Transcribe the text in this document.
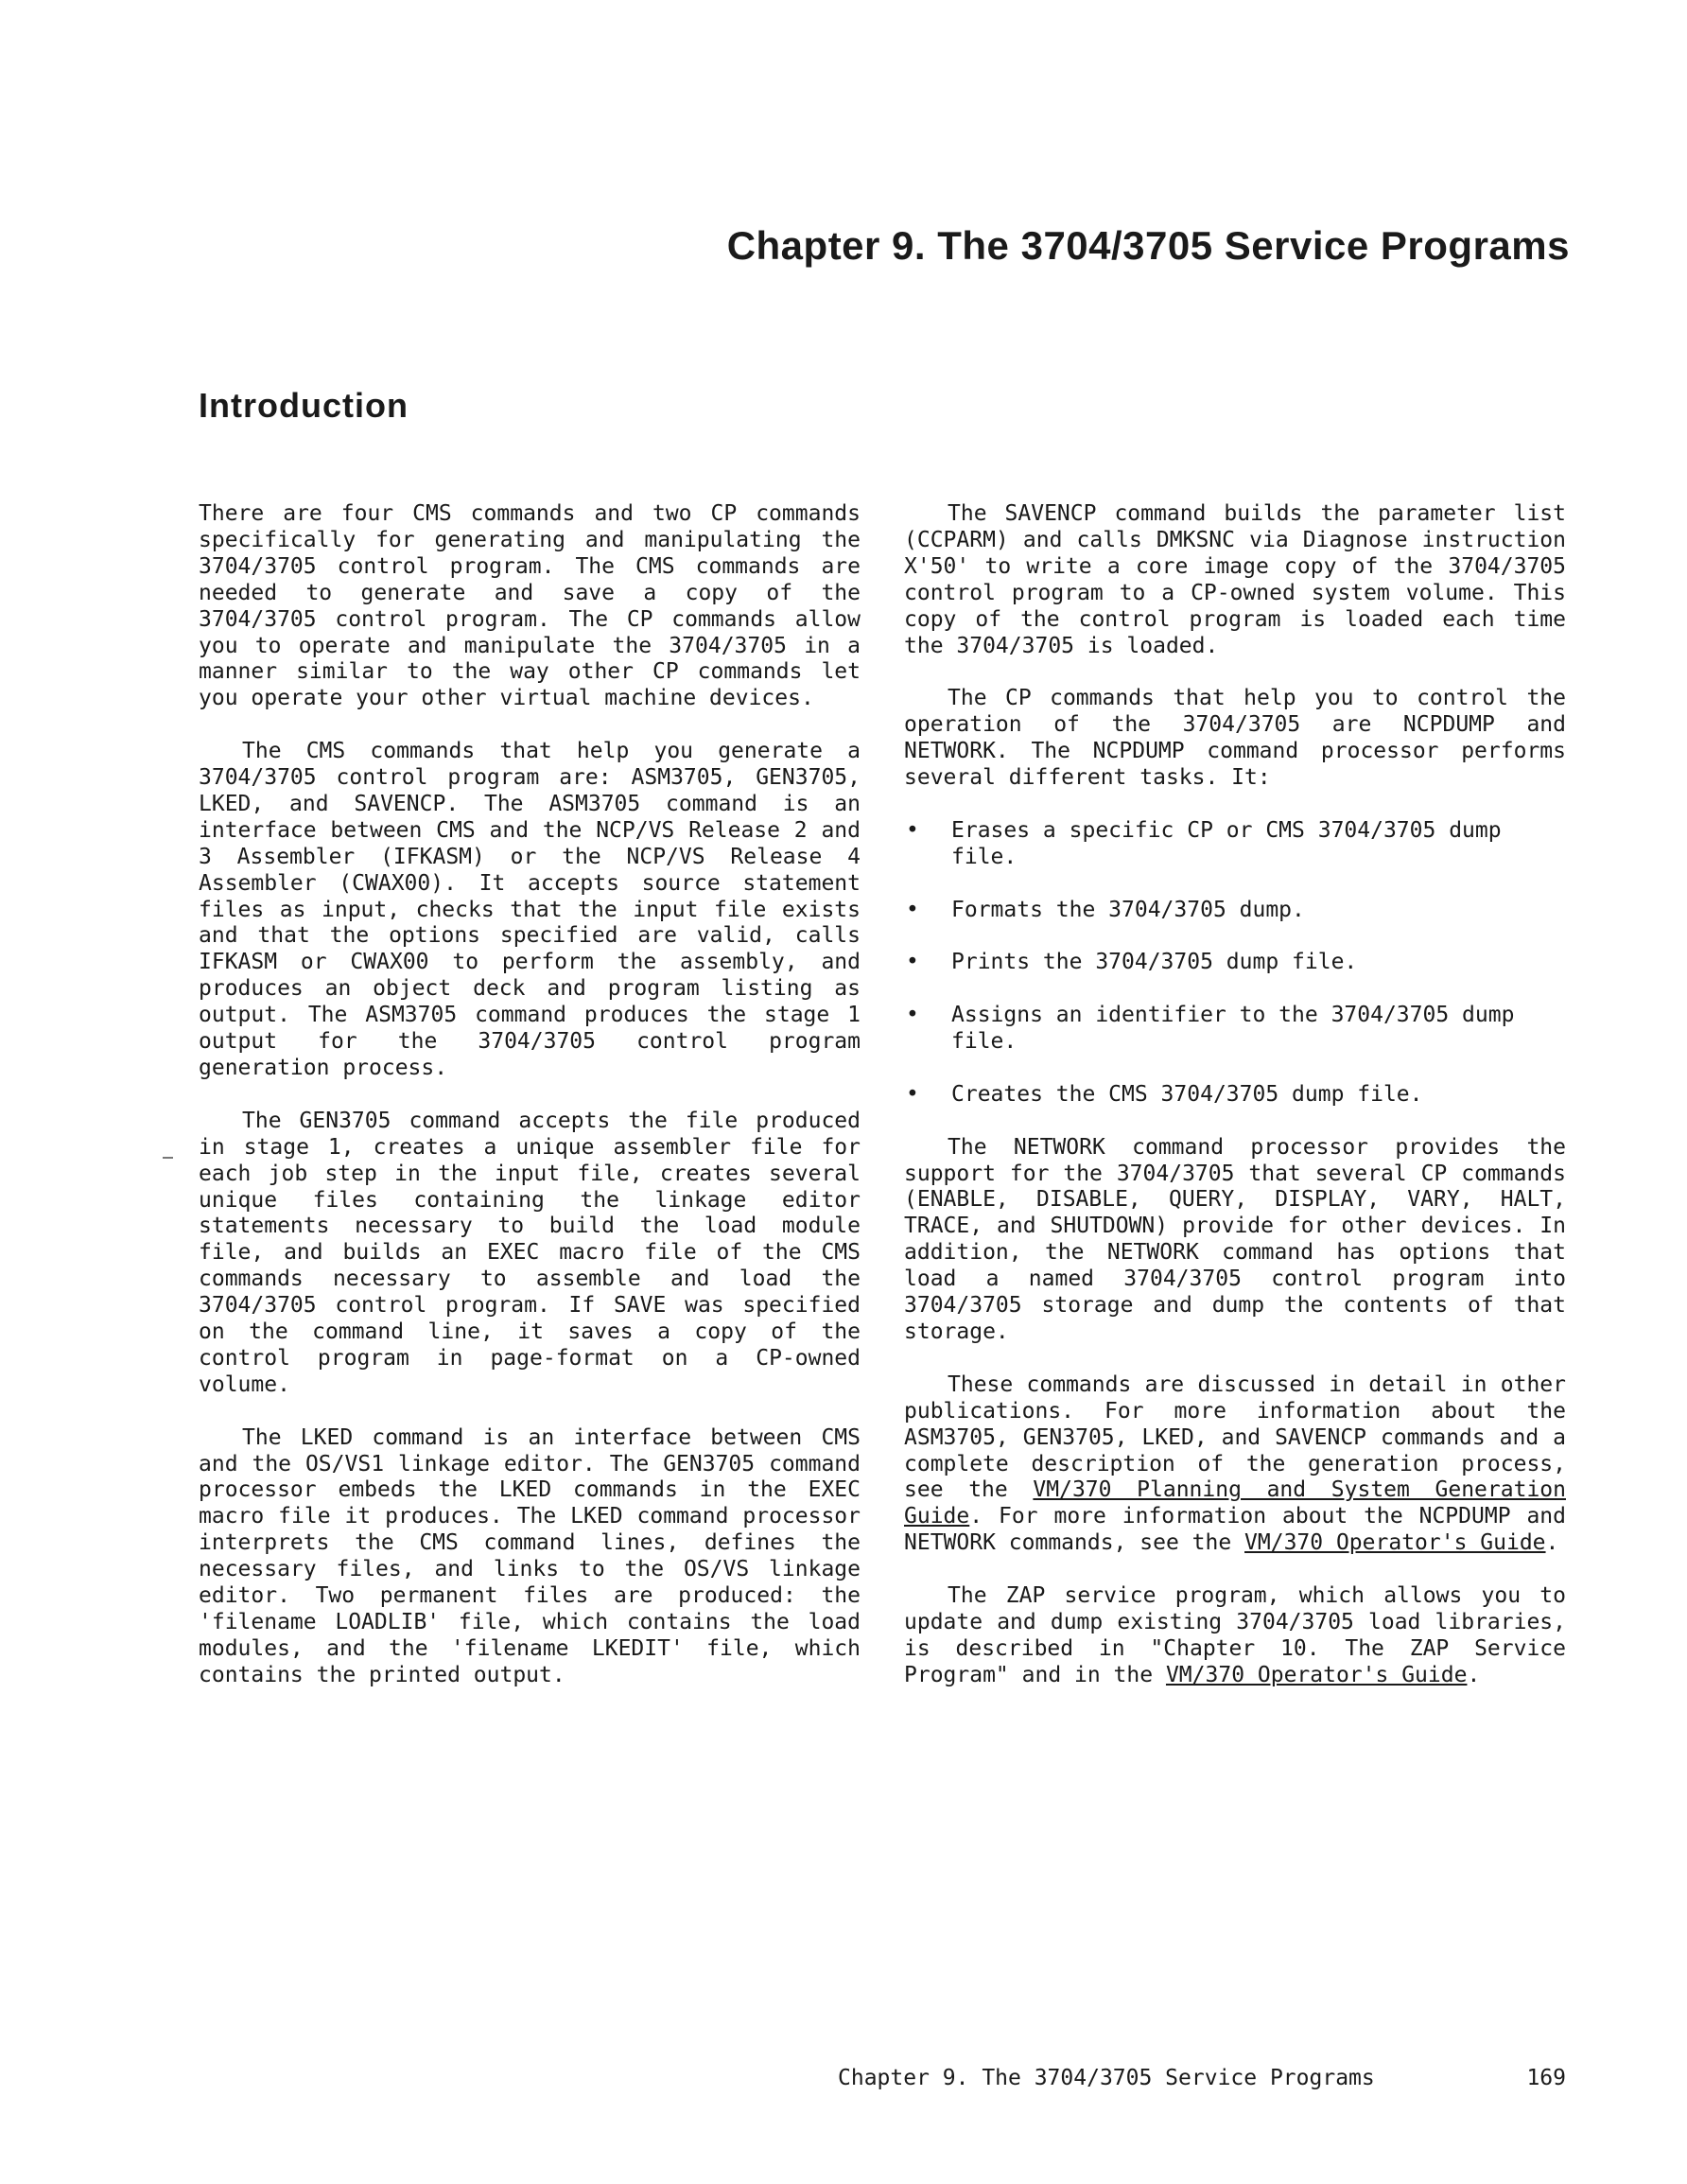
Chapter 9. The 3704/3705 Service Programs
Introduction

There are four CMS commands and two CP commands specifically for generating and manipulating the 3704/3705 control program. The CMS commands are needed to generate and save a copy of the 3704/3705 control program. The CP commands allow you to operate and manipulate the 3704/3705 in a manner similar to the way other CP commands let you operate your other virtual machine devices.

The CMS commands that help you generate a 3704/3705 control program are: ASM3705, GEN3705, LKED, and SAVENCP. The ASM3705 command is an interface between CMS and the NCP/VS Release 2 and 3 Assembler (IFKASM) or the NCP/VS Release 4 Assembler (CWAX00). It accepts source statement files as input, checks that the input file exists and that the options specified are valid, calls IFKASM or CWAX00 to perform the assembly, and produces an object deck and program listing as output. The ASM3705 command produces the stage 1 output for the 3704/3705 control program generation process.

The GEN3705 command accepts the file produced in stage 1, creates a unique assembler file for each job step in the input file, creates several unique files containing the linkage editor statements necessary to build the load module file, and builds an EXEC macro file of the CMS commands necessary to assemble and load the 3704/3705 control program. If SAVE was specified on the command line, it saves a copy of the control program in page-format on a CP-owned volume.

The LKED command is an interface between CMS and the OS/VS1 linkage editor. The GEN3705 command processor embeds the LKED commands in the EXEC macro file it produces. The LKED command processor interprets the CMS command lines, defines the necessary files, and links to the OS/VS linkage editor. Two permanent files are produced: the 'filename LOADLIB' file, which contains the load modules, and the 'filename LKEDIT' file, which contains the printed output.

The SAVENCP command builds the parameter list (CCPARM) and calls DMKSNC via Diagnose instruction X'50' to write a core image copy of the 3704/3705 control program to a CP-owned system volume. This copy of the control program is loaded each time the 3704/3705 is loaded.

The CP commands that help you to control the operation of the 3704/3705 are NCPDUMP and NETWORK. The NCPDUMP command processor performs several different tasks. It:

• Erases a specific CP or CMS 3704/3705 dump file.
• Formats the 3704/3705 dump.
• Prints the 3704/3705 dump file.
• Assigns an identifier to the 3704/3705 dump file.
• Creates the CMS 3704/3705 dump file.

The NETWORK command processor provides the support for the 3704/3705 that several CP commands (ENABLE, DISABLE, QUERY, DISPLAY, VARY, HALT, TRACE, and SHUTDOWN) provide for other devices. In addition, the NETWORK command has options that load a named 3704/3705 control program into 3704/3705 storage and dump the contents of that storage.

These commands are discussed in detail in other publications. For more information about the ASM3705, GEN3705, LKED, and SAVENCP commands and a complete description of the generation process, see the VM/370 Planning and System Generation Guide. For more information about the NCPDUMP and NETWORK commands, see the VM/370 Operator's Guide.

The ZAP service program, which allows you to update and dump existing 3704/3705 load libraries, is described in "Chapter 10. The ZAP Service Program" and in the VM/370 Operator's Guide.

Chapter 9. The 3704/3705 Service Programs	169
